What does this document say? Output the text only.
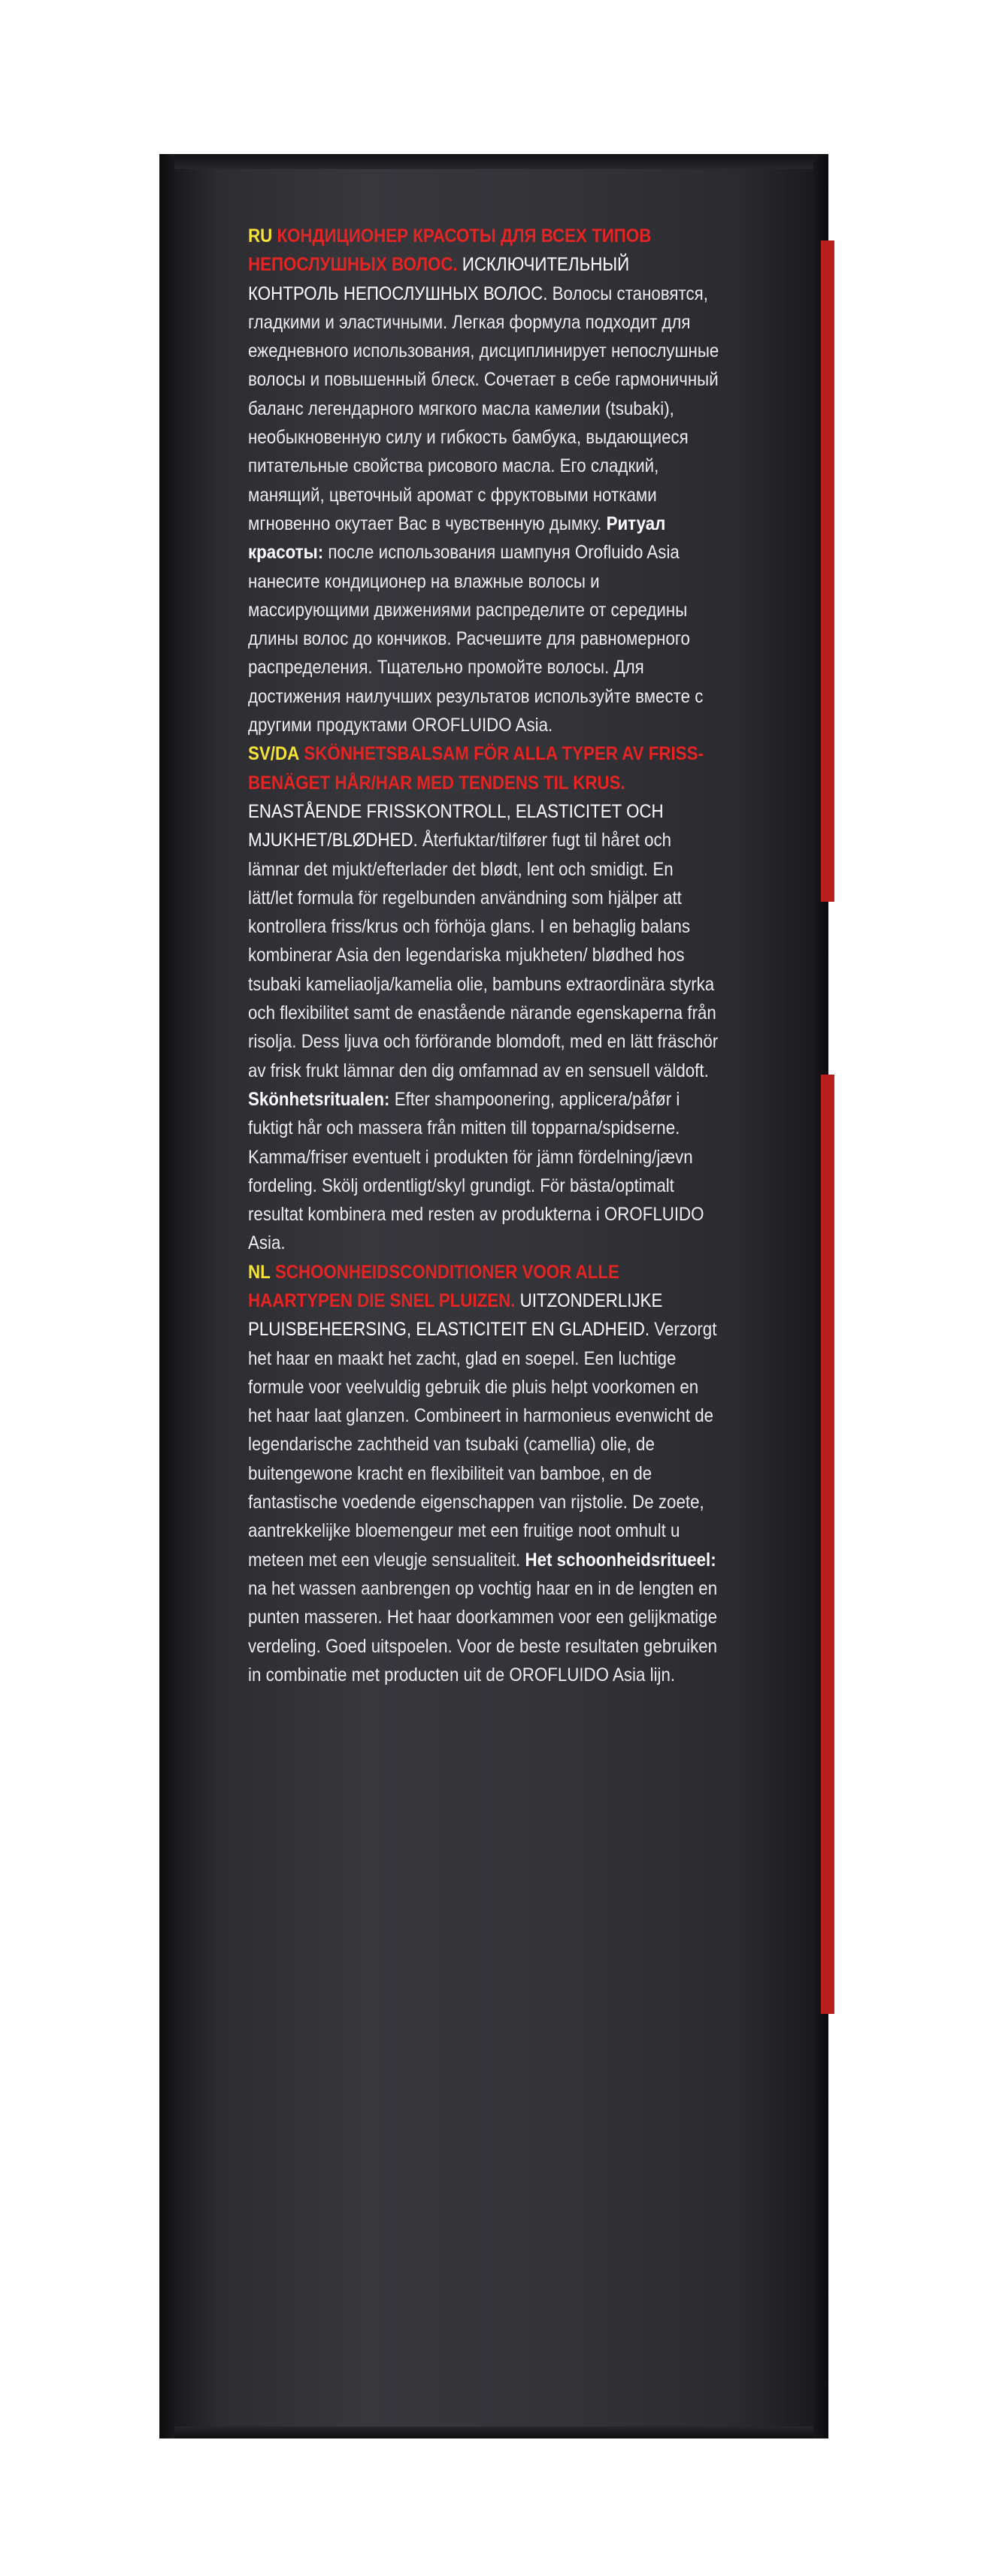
RU КОНДИЦИОНЕР КРАСОТЫ ДЛЯ ВСЕХ ТИПОВ НЕПОСЛУШНЫХ ВОЛОС. ИСКЛЮЧИТЕЛЬНЫЙ КОНТРОЛЬ НЕПОСЛУШНЫХ ВОЛОС. Волосы становятся, гладкими и эластичными. Легкая формула подходит для ежедневного использования, дисциплинирует непослушные волосы и повышенный блеск. Сочетает в себе гармоничный баланс легендарного мягкого масла камелии (tsubaki), необыкновенную силу и гибкость бамбука, выдающиеся питательные свойства рисового масла. Его сладкий, манящий, цветочный аромат с фруктовыми нотками мгновенно окутает Вас в чувственную дымку. Ритуал красоты: после использования шампуня Orofluido Asia нанесите кондиционер на влажные волосы и массирующими движениями распределите от середины длины волос до кончиков. Расчешите для равномерного распределения. Тщательно промойте волосы. Для достижения наилучших результатов используйте вместе с другими продуктами OROFLUIDO Asia.

SV/DA SKÖNHETSBALSAM FÖR ALLA TYPER AV FRISS-BENÄGET HÅR/HAR MED TENDENS TIL KRUS. ENASTÅENDE FRISSKONTROLL, ELASTICITET OCH MJUKHET/BLØDHED. Återfuktar/tilfører fugt til håret och lämnar det mjukt/efterlader det blødt, lent och smidigt. En lätt/let formula för regelbunden användning som hjälper att kontrollera friss/krus och förhöja glans. I en behaglig balans kombinerar Asia den legendariska mjukheten/ blødhed hos tsubaki kameliaolja/kamelia olie, bambuns extraordinära styrka och flexibilitet samt de enastående närande egenskaperna från risolja. Dess ljuva och förförande blomdoft, med en lätt fräschör av frisk frukt lämnar den dig omfamnad av en sensuell väldoft. Skönhetsritualen: Efter shampoonering, applicera/påfør i fuktigt hår och massera från mitten till topparna/spidserne. Kamma/friser eventuelt i produkten för jämn fördelning/jævn fordeling. Skölj ordentligt/skyl grundigt. För bästa/optimalt resultat kombinera med resten av produkterna i OROFLUIDO Asia.

NL SCHOONHEIDSCONDITIONER VOOR ALLE HAARTYPEN DIE SNEL PLUIZEN. UITZONDERLIJKE PLUISBEHEERSING, ELASTICITEIT EN GLADHEID. Verzorgt het haar en maakt het zacht, glad en soepel. Een luchtige formule voor veelvuldig gebruik die pluis helpt voorkomen en het haar laat glanzen. Combineert in harmonieus evenwicht de legendarische zachtheid van tsubaki (camellia) olie, de buitengewone kracht en flexibiliteit van bamboe, en de fantastische voedende eigenschappen van rijstolie. De zoete, aantrekkelijke bloemengeur met een fruitige noot omhult u meteen met een vleugje sensualiteit. Het schoonheidsritueel: na het wassen aanbrengen op vochtig haar en in de lengten en punten masseren. Het haar doorkammen voor een gelijkmatige verdeling. Goed uitspoelen. Voor de beste resultaten gebruiken in combinatie met producten uit de OROFLUIDO Asia lijn.
